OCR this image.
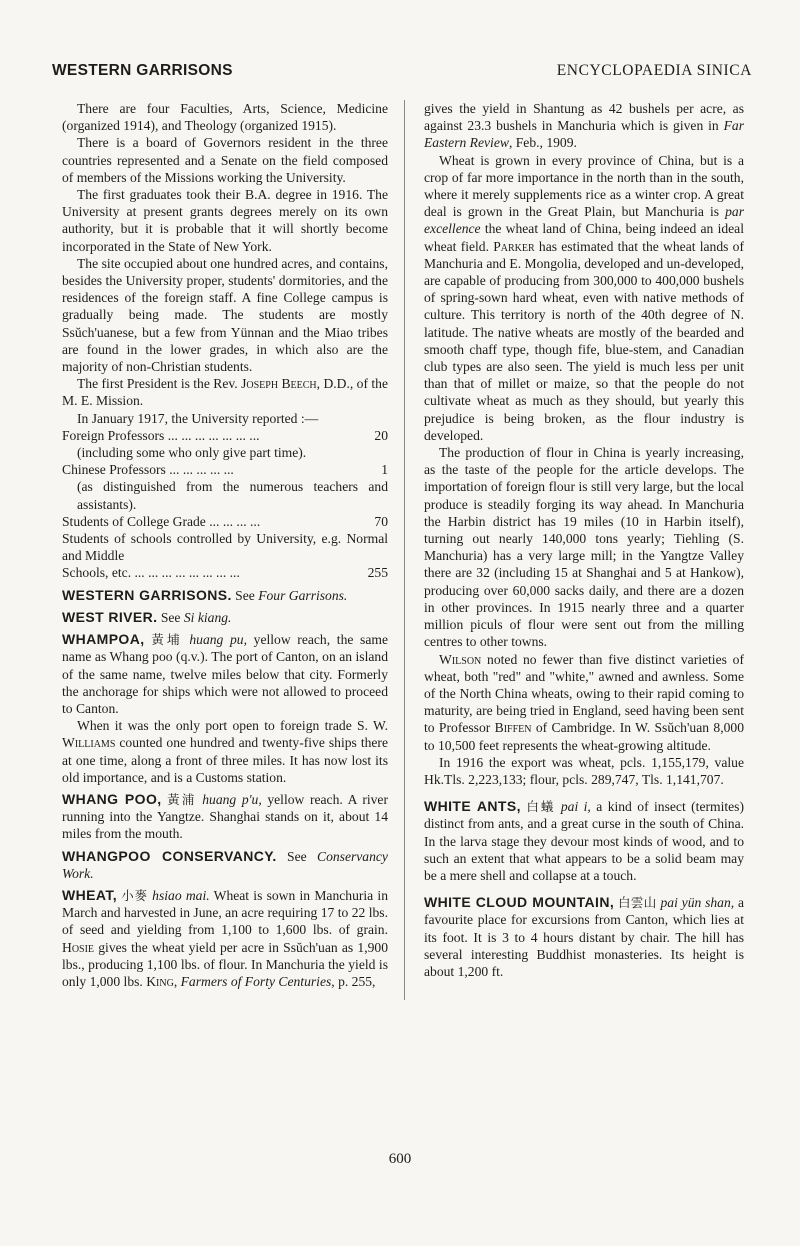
WESTERN GARRISONS	ENCYCLOPAEDIA SINICA

There are four Faculties, Arts, Science, Medicine (organized 1914), and Theology (organized 1915).

There is a board of Governors resident in the three countries represented and a Senate on the field composed of members of the Missions working the University.

The first graduates took their B.A. degree in 1916. The University at present grants degrees merely on its own authority, but it is probable that it will shortly become incorporated in the State of New York.

The site occupied about one hundred acres, and contains, besides the University proper, students' dormitories, and the residences of the foreign staff. A fine College campus is gradually being made. The students are mostly Ssŭch'uanese, but a few from Yünnan and the Miao tribes are found in the lower grades, in which also are the majority of non-Christian students.

The first President is the Rev. Joseph Beech, D.D., of the M. E. Mission.

In January 1917, the University reported :—

Foreign Professors ... ... ... ... ... ... ...	20
(including some who only give part time).
Chinese Professors ... ... ... ... ...	1
(as distinguished from the numerous teachers and assistants).
Students of College Grade ... ... ... ...	70
Students of schools controlled by University, e.g. Normal and Middle
Schools, etc. ... ... ... ... ... ... ... ...	255

WESTERN GARRISONS. See Four Garrisons.

WEST RIVER. See Si kiang.

WHAMPOA, 黃埔 huang pu, yellow reach, the same name as Whang poo (q.v.). The port of Canton, on an island of the same name, twelve miles below that city. Formerly the anchorage for ships which were not allowed to proceed to Canton.

When it was the only port open to foreign trade S. W. Williams counted one hundred and twenty-five ships there at one time, along a front of three miles. It has now lost its old importance, and is a Customs station.

WHANG POO, 黃浦 huang p'u, yellow reach. A river running into the Yangtze. Shanghai stands on it, about 14 miles from the mouth.

WHANGPOO CONSERVANCY. See Conservancy Work.

WHEAT, 小麥 hsiao mai. Wheat is sown in Manchuria in March and harvested in June, an acre requiring 17 to 22 lbs. of seed and yielding from 1,100 to 1,600 lbs. of grain. Hosie gives the wheat yield per acre in Ssŭch'uan as 1,900 lbs., producing 1,100 lbs. of flour. In Manchuria the yield is only 1,000 lbs. King, Farmers of Forty Centuries, p. 255,

gives the yield in Shantung as 42 bushels per acre, as against 23.3 bushels in Manchuria which is given in Far Eastern Review, Feb., 1909.

Wheat is grown in every province of China, but is a crop of far more importance in the north than in the south, where it merely supplements rice as a winter crop. A great deal is grown in the Great Plain, but Manchuria is par excellence the wheat land of China, being indeed an ideal wheat field. Parker has estimated that the wheat lands of Manchuria and E. Mongolia, developed and un-developed, are capable of producing from 300,000 to 400,000 bushels of spring-sown hard wheat, even with native methods of culture. This territory is north of the 40th degree of N. latitude. The native wheats are mostly of the bearded and smooth chaff type, though fife, blue-stem, and Canadian club types are also seen. The yield is much less per unit than that of millet or maize, so that the people do not cultivate wheat as much as they should, but yearly this prejudice is being broken, as the flour industry is developed.

The production of flour in China is yearly increasing, as the taste of the people for the article develops. The importation of foreign flour is still very large, but the local produce is steadily forging its way ahead. In Manchuria the Harbin district has 19 miles (10 in Harbin itself), turning out nearly 140,000 tons yearly; Tiehling (S. Manchuria) has a very large mill; in the Yangtze Valley there are 32 (including 15 at Shanghai and 5 at Hankow), producing over 60,000 sacks daily, and there are a dozen in other provinces. In 1915 nearly three and a quarter million piculs of flour were sent out from the milling centres to other towns.

Wilson noted no fewer than five distinct varieties of wheat, both "red" and "white," awned and awnless. Some of the North China wheats, owing to their rapid coming to maturity, are being tried in England, seed having been sent to Professor Biffen of Cambridge. In W. Ssŭch'uan 8,000 to 10,500 feet represents the wheat-growing altitude.

In 1916 the export was wheat, pcls. 1,155,179, value Hk.Tls. 2,223,133; flour, pcls. 289,747, Tls. 1,141,707.

WHITE ANTS, 白蟻 pai i, a kind of insect (termites) distinct from ants, and a great curse in the south of China. In the larva stage they devour most kinds of wood, and to such an extent that what appears to be a solid beam may be a mere shell and collapse at a touch.

WHITE CLOUD MOUNTAIN, 白雲山 pai yün shan, a favourite place for excursions from Canton, which lies at its foot. It is 3 to 4 hours distant by chair. The hill has several interesting Buddhist monasteries. Its height is about 1,200 ft.

600
